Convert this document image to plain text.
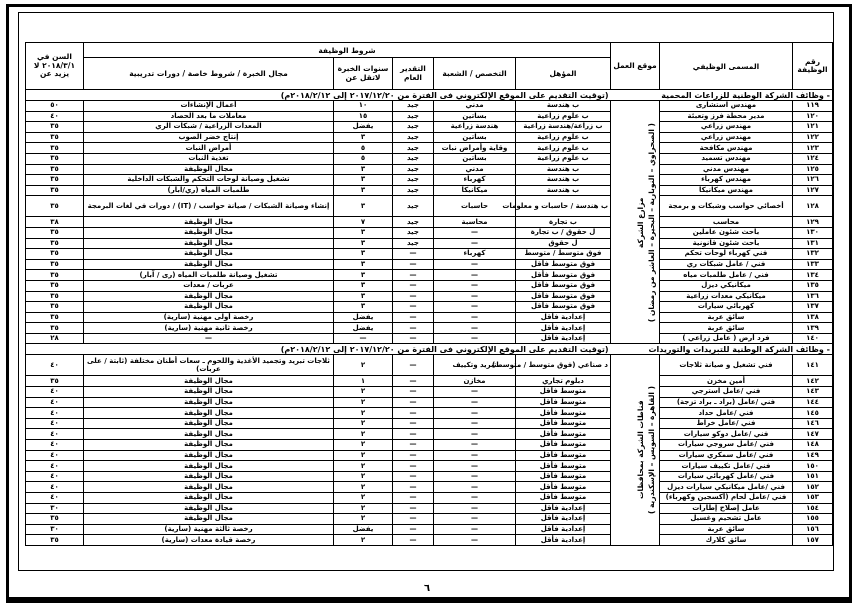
رقم الوظيفة	المسمى الوظيفي	موقع العمل	شروط الوظيفة					السن في ٢٠١٨/٣/١ لا يزيد عن
			المؤهل	التخصص / الشعبة	التقدير العام	سنوات الخبرة لاتقل عن	مجال الخبرة / شروط خاصة / دورات تدريبية	
- وظائف الشركة الوطنية للزراعات المحمية			(توقيت التقديم على الموقع الإلكتروني فى الفترة من ٢٠١٧/١٢/٢٠ إلى ٢٠١٨/٢/١٢م)					
١١٩	مهندس استشارى	مزارع الشركة ( الصحراوي – النوبارية – البحيرة – العاشر من رمضان )	ب هندسة	مدني	جيد	١٠	أعمال الإنشاءات	٥٠
١٢٠	مدير محطة فرز وتعبئة		ب علوم زراعية	بساتين	جيد	١٥	معاملات ما بعد الحصاد	٤٠
١٢١	مهندس زراعي		ب زراعة/هندسة زراعية	هندسة زراعية	جيد	يفضل	المعدات الزراعية / شبكات الري	٣٥
١٢٢	مهندس زراعي		ب علوم زراعية	بساتين	جيد	٣	إنتاج خضر الصوب	٣٥
١٢٣	مهندس مكافحة		ب علوم زراعية	وقاية وأمراض نبات	جيد	٥	أمراض النبات	٣٥
١٢٤	مهندس تسميد		ب علوم زراعية	بساتين	جيد	٥	تغذية النبات	٣٥
١٢٥	مهندس مدني		ب هندسة	مدني	جيد	٣	مجال الوظيفة	٣٥
١٢٦	مهندس كهرباء		ب هندسة	كهرباء	جيد	٣	تشغيل وصيانة لوحات التحكم والشبكات الداخلية	٣٥
١٢٧	مهندس ميكانيكا		ب هندسة	ميكانيكا	جيد	٣	طلمبات المياه (ري/آبار)	٣٥
١٢٨	أخصائي حواسب وشبكات و برمجة		ب هندسة / حاسبات و معلومات	حاسبات	جيد	٣	إنشاء وصيانة الشبكات / صيانة حواسب / (IT) / دورات في لغات البرمجة	٣٥
١٢٩	محاسب		ب تجارة	محاسبة	جيد	٧	مجال الوظيفة	٣٨
١٣٠	باحث شئون عاملين		ل حقوق / ب تجارة	—	جيد	٣	مجال الوظيفة	٣٥
١٣١	باحث شئون قانونية		ل حقوق	—	جيد	٣	مجال الوظيفة	٣٥
١٣٢	فني كهرباء لوحات تحكم		فوق متوسط / متوسط	كهرباء	—	٣	مجال الوظيفة	٣٥
١٣٣	فني / عامل شبكات ري		فوق متوسط فأقل	—	—	٣	مجال الوظيفة	٣٥
١٣٤	فني / عامل طلمبات مياه		فوق متوسط فأقل	—	—	٣	تشغيل وصيانة طلمبات المياه (رى / آبار)	٣٥
١٣٥	ميكانيكي ديزل		فوق متوسط فأقل	—	—	٣	عربات / معدات	٣٥
١٣٦	ميكانيكي معدات زراعية		فوق متوسط فأقل	—	—	٣	مجال الوظيفة	٣٥
١٣٧	كهربائي سيارات		فوق متوسط فأقل	—	—	٣	مجال الوظيفة	٣٥
١٣٨	سائق عربة		إعدادية فأقل	—	—	يفضل	رخصة أولى مهنية (سارية)	٣٥
١٣٩	سائق عربة		إعدادية فأقل	—	—	يفضل	رخصة ثانية مهنية (سارية)	٣٥
١٤٠	فرد أرض ( عامل زراعي )		إعدادية فأقل	—	—	—	—	٢٨
- وظائف الشركة الوطنية للتبريدات والتوريدات			(توقيت التقديم على الموقع الإلكتروني فى الفترة من ٢٠١٧/١٢/٢٠ إلى ٢٠١٨/٢/١٢م)					
١٤١	فني تشغيل و صيانة ثلاجات	فناطات الشركة بمحافظات ( القاهرة – السويس – الإسكندرية )	د صناعي (فوق متوسط / متوسط)	تبريد وتكييف	—	٢	ثلاجات تبريد وتجميد الأغذية واللحوم ـ سعات أطنان مختلفة (ثابتة / على عربات)	٤٠
١٤٢	أمين مخزن		دبلوم تجاري	مخازن	—	١	مجال الوظيفة	٣٥
١٤٣	فني /عامل استرجي		متوسط فأقل	—	—	٢	مجال الوظيفة	٤٠
١٤٤	فني /عامل (براد ـ براد تزجة)		متوسط فأقل	—	—	٢	مجال الوظيفة	٤٠
١٤٥	فني /عامل حداد		متوسط فأقل	—	—	٢	مجال الوظيفة	٤٠
١٤٦	فني /عامل خراط		متوسط فأقل	—	—	٢	مجال الوظيفة	٤٠
١٤٧	فني /عامل دوكو سيارات		متوسط فأقل	—	—	٢	مجال الوظيفة	٤٠
١٤٨	فني /عامل سروجي سيارات		متوسط فأقل	—	—	٢	مجال الوظيفة	٤٠
١٤٩	فني /عامل سمكري سيارات		متوسط فأقل	—	—	٢	مجال الوظيفة	٤٠
١٥٠	فني /عامل تكييف سيارات		متوسط فأقل	—	—	٢	مجال الوظيفة	٤٠
١٥١	فني /عامل كهربائي سيارات		متوسط فأقل	—	—	٢	مجال الوظيفة	٤٠
١٥٢	فني /عامل ميكانيكي سيارات ديزل		متوسط فأقل	—	—	٢	مجال الوظيفة	٤٠
١٥٣	فني /عامل لحام (أكسجين وكهرباء)		متوسط فأقل	—	—	٢	مجال الوظيفة	٤٠
١٥٤	عامل إصلاح إطارات		إعدادية فأقل	—	—	٢	مجال الوظيفة	٣٠
١٥٥	عامل تشحيم وغسيل		إعدادية فأقل	—	—	٢	مجال الوظيفة	٣٥
١٥٦	سائق عربة		إعدادية فأقل	—	—	يفضل	رخصة ثالثة مهنية (سارية)	٣٠
١٥٧	سائق كلارك		إعدادية فأقل	—	—	٢	رخصة قيادة معدات (سارية)	٣٥
٦
